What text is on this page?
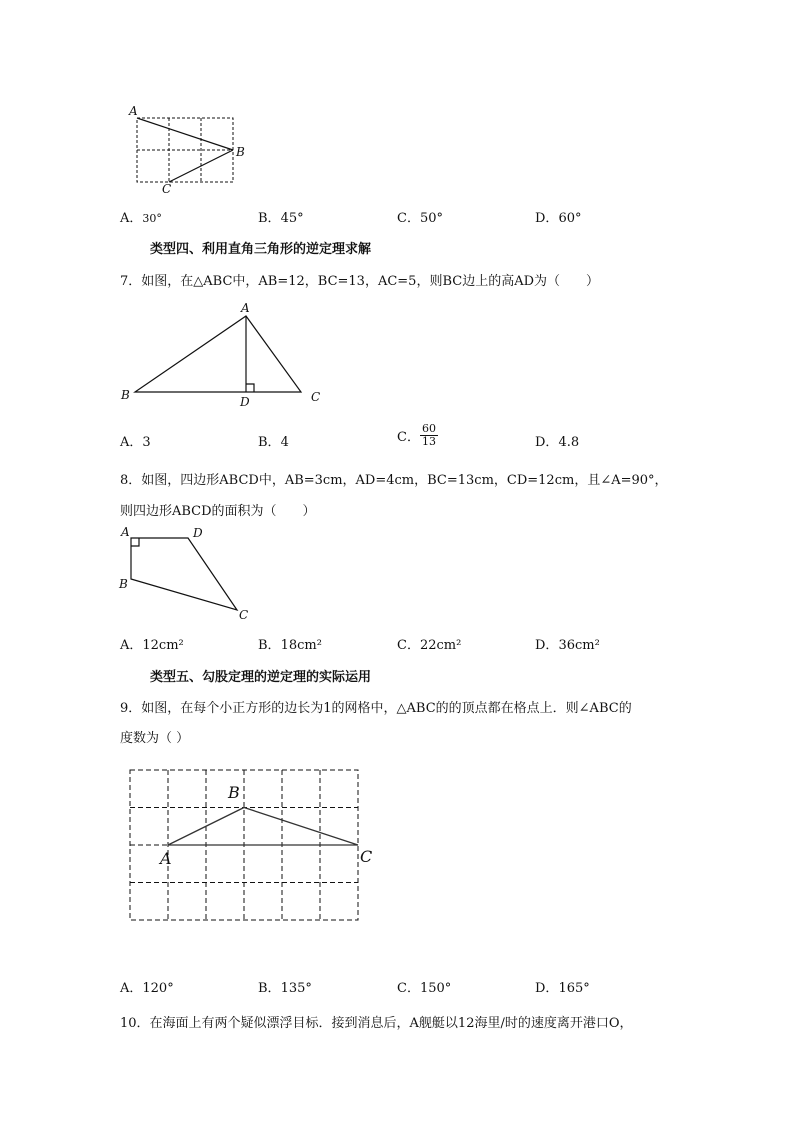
A
B
C
A．30°	B．45°	C．50°	D．60°
类型四、利用直角三角形的逆定理求解
7．如图，在△ABC中，AB=12，BC=13，AC=5，则BC边上的高AD为（　　）
A
B	C
D
A．3	B．4	C． $\frac{60}{13}$	D．4.8
8．如图，四边形ABCD中，AB=3cm，AD=4cm，BC=13cm，CD=12cm，且∠A=90°，
则四边形ABCD的面积为（　　）
A	D
B
C
A．12cm²	B．18cm²	C．22cm²	D．36cm²
类型五、勾股定理的逆定理的实际运用
9．如图，在每个小正方形的边长为1的网格中，△ABC的的顶点都在格点上．则∠ABC的
度数为（ ）
B
A	C
A．120°	B．135°	C．150°	D．165°
10．在海面上有两个疑似漂浮目标．接到消息后，A舰艇以12海里/时的速度离开港口O，
